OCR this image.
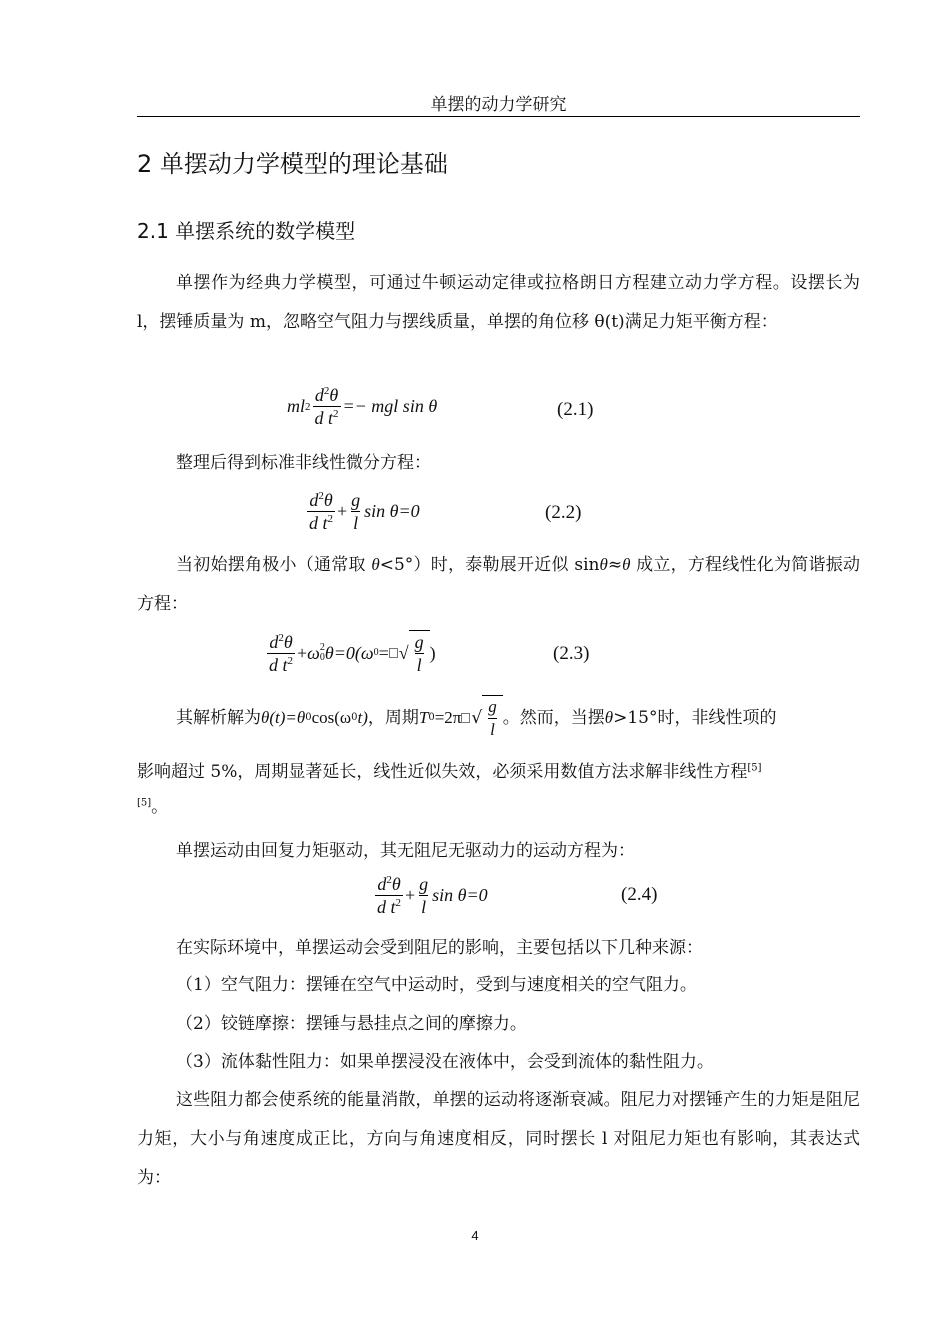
单摆的动力学研究
2 单摆动力学模型的理论基础
2.1 单摆系统的数学模型
单摆作为经典力学模型，可通过牛顿运动定律或拉格朗日方程建立动力学方程。设摆长为 l，摆锤质量为 m，忽略空气阻力与摆线质量，单摆的角位移 θ(t)满足力矩平衡方程：
ml $2 \frac{d^2\theta}{d t^2}$ =− mgl sin θ	(2.1)
整理后得到标准非线性微分方程：
$\frac{d^2\theta}{d t^2} + \frac{g}{l}$ sin θ=0	(2.2)
当初始摆角极小（通常取 θ<5°）时，泰勒展开近似 sinθ≈θ 成立，方程线性化为简谐振动方程：
$\frac{d^2\theta}{d t^2} + \omega$ 2
0 θ=0( ω 0 = √ $\frac{g}{l}$ )	(2.3)
其解析解为 θ(t)=θ 0 cos(ω 0 t) ，周期 T 0 =2π √ $\frac{g}{l}$ 。然而，当摆 θ >15°时，非线性项的
影响超过 5%，周期显著延长，线性近似失效，必须采用数值方法求解非线性方程[5]
[5]。
单摆运动由回复力矩驱动，其无阻尼无驱动力的运动方程为：
$\frac{d^2\theta}{d t^2} + \frac{g}{l}$ sin θ=0	(2.4)
在实际环境中，单摆运动会受到阻尼的影响，主要包括以下几种来源：
（1）空气阻力：摆锤在空气中运动时，受到与速度相关的空气阻力。
（2）铰链摩擦：摆锤与悬挂点之间的摩擦力。
（3）流体黏性阻力：如果单摆浸没在液体中，会受到流体的黏性阻力。
这些阻力都会使系统的能量消散，单摆的运动将逐渐衰减。阻尼力对摆锤产生的力矩是阻尼力矩，大小与角速度成正比，方向与角速度相反，同时摆长 l 对阻尼力矩也有影响，其表达式为：
4
